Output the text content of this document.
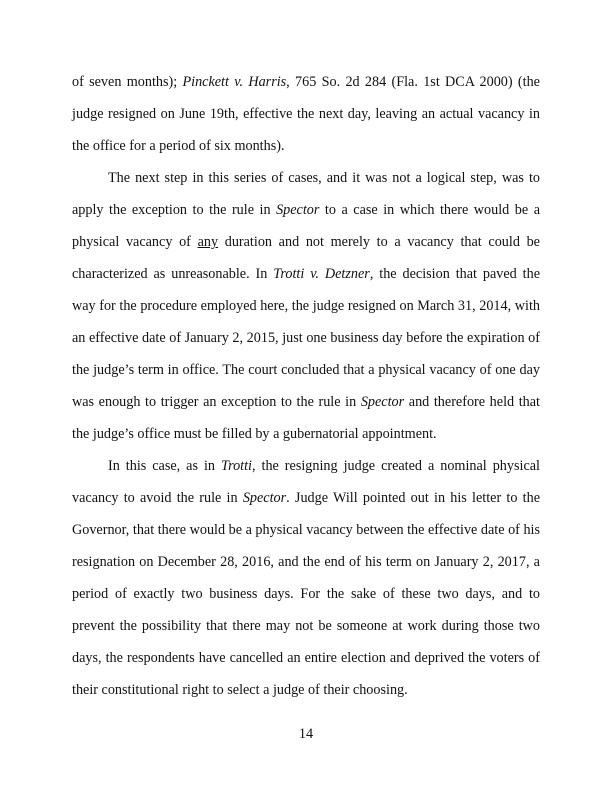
of seven months); Pinckett v. Harris, 765 So. 2d 284 (Fla. 1st DCA 2000) (the judge resigned on June 19th, effective the next day, leaving an actual vacancy in the office for a period of six months).

The next step in this series of cases, and it was not a logical step, was to apply the exception to the rule in Spector to a case in which there would be a physical vacancy of any duration and not merely to a vacancy that could be characterized as unreasonable. In Trotti v. Detzner, the decision that paved the way for the procedure employed here, the judge resigned on March 31, 2014, with an effective date of January 2, 2015, just one business day before the expiration of the judge’s term in office. The court concluded that a physical vacancy of one day was enough to trigger an exception to the rule in Spector and therefore held that the judge’s office must be filled by a gubernatorial appointment.

In this case, as in Trotti, the resigning judge created a nominal physical vacancy to avoid the rule in Spector. Judge Will pointed out in his letter to the Governor, that there would be a physical vacancy between the effective date of his resignation on December 28, 2016, and the end of his term on January 2, 2017, a period of exactly two business days. For the sake of these two days, and to prevent the possibility that there may not be someone at work during those two days, the respondents have cancelled an entire election and deprived the voters of their constitutional right to select a judge of their choosing.

14
